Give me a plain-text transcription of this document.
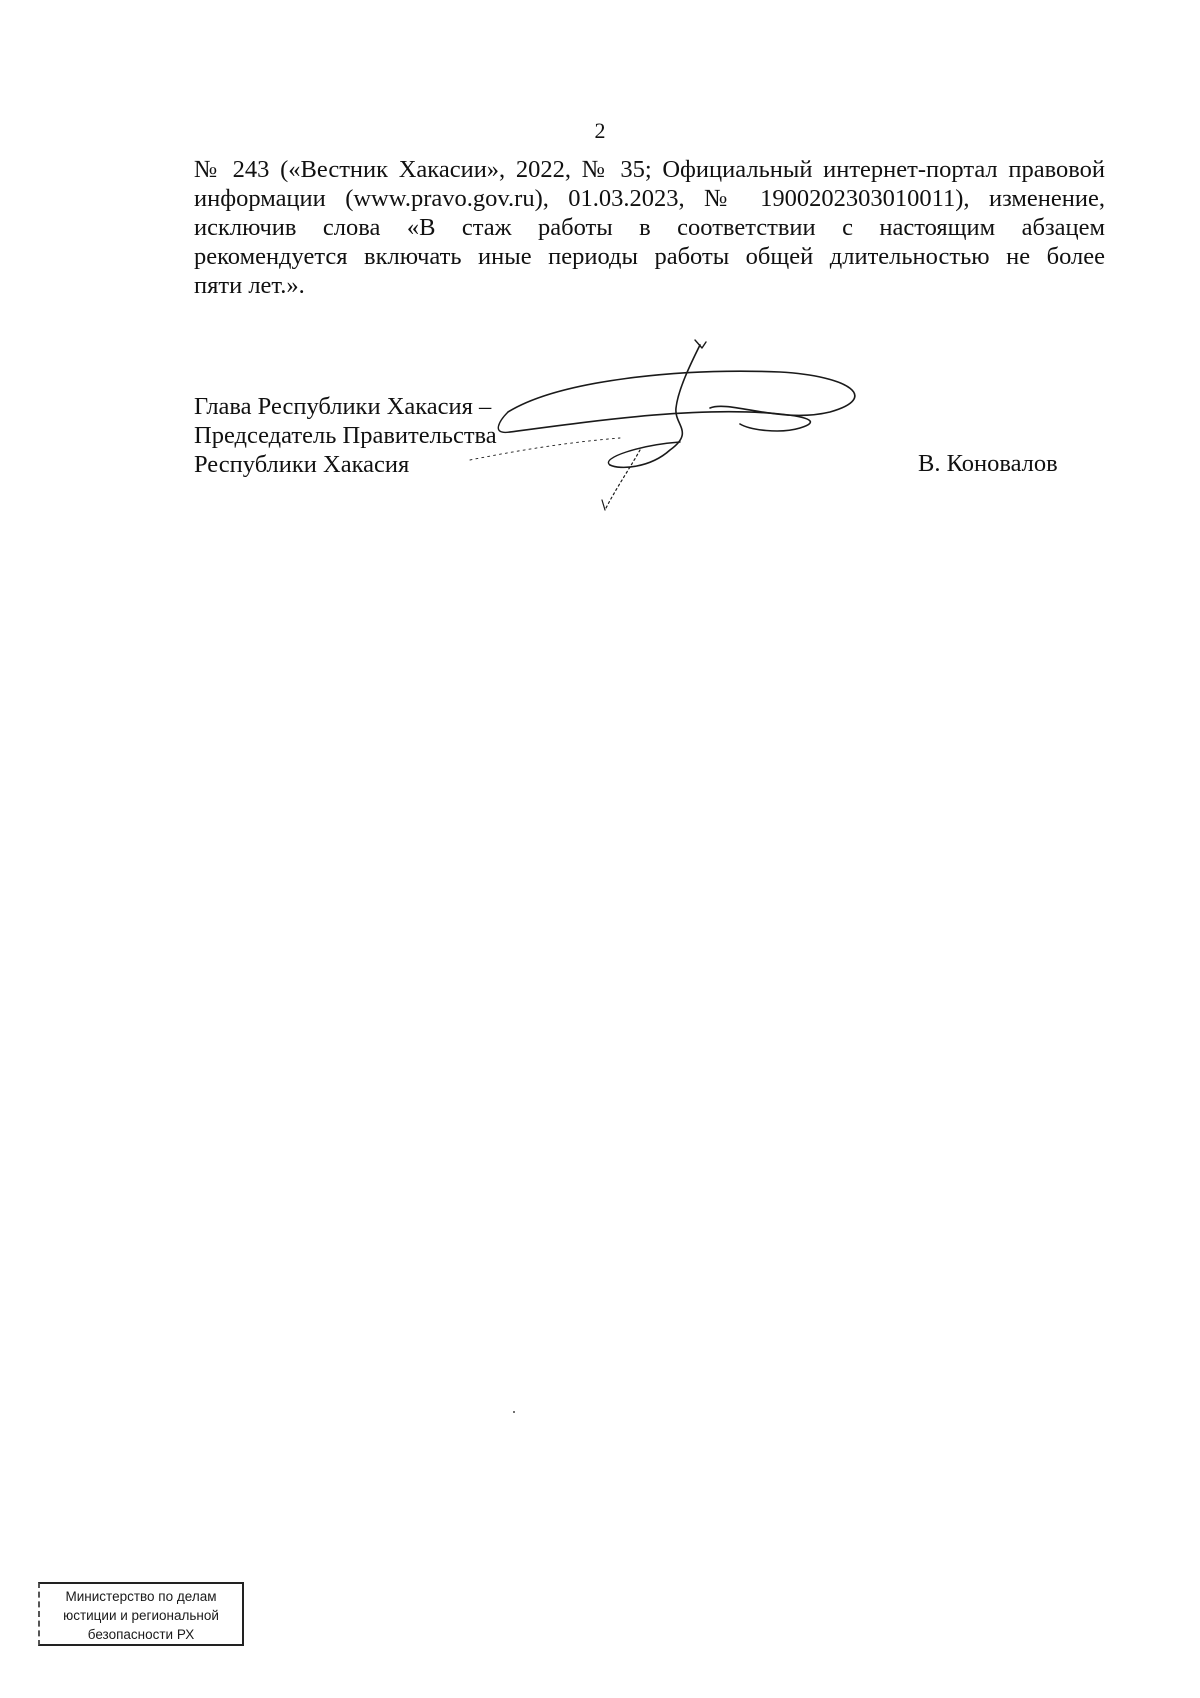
2
№ 243 («Вестник Хакасии», 2022, № 35; Официальный интернет-портал правовой
информации (www.pravo.gov.ru), 01.03.2023, № 1900202303010011), изменение,
исключив слова «В стаж работы в соответствии с настоящим абзацем
рекомендуется включать иные периоды работы общей длительностью не более
пяти лет.».
Глава Республики Хакасия –
Председатель Правительства
Республики Хакасия	В. Коновалов
Министерство по делам
юстиции и региональной
безопасности РХ
